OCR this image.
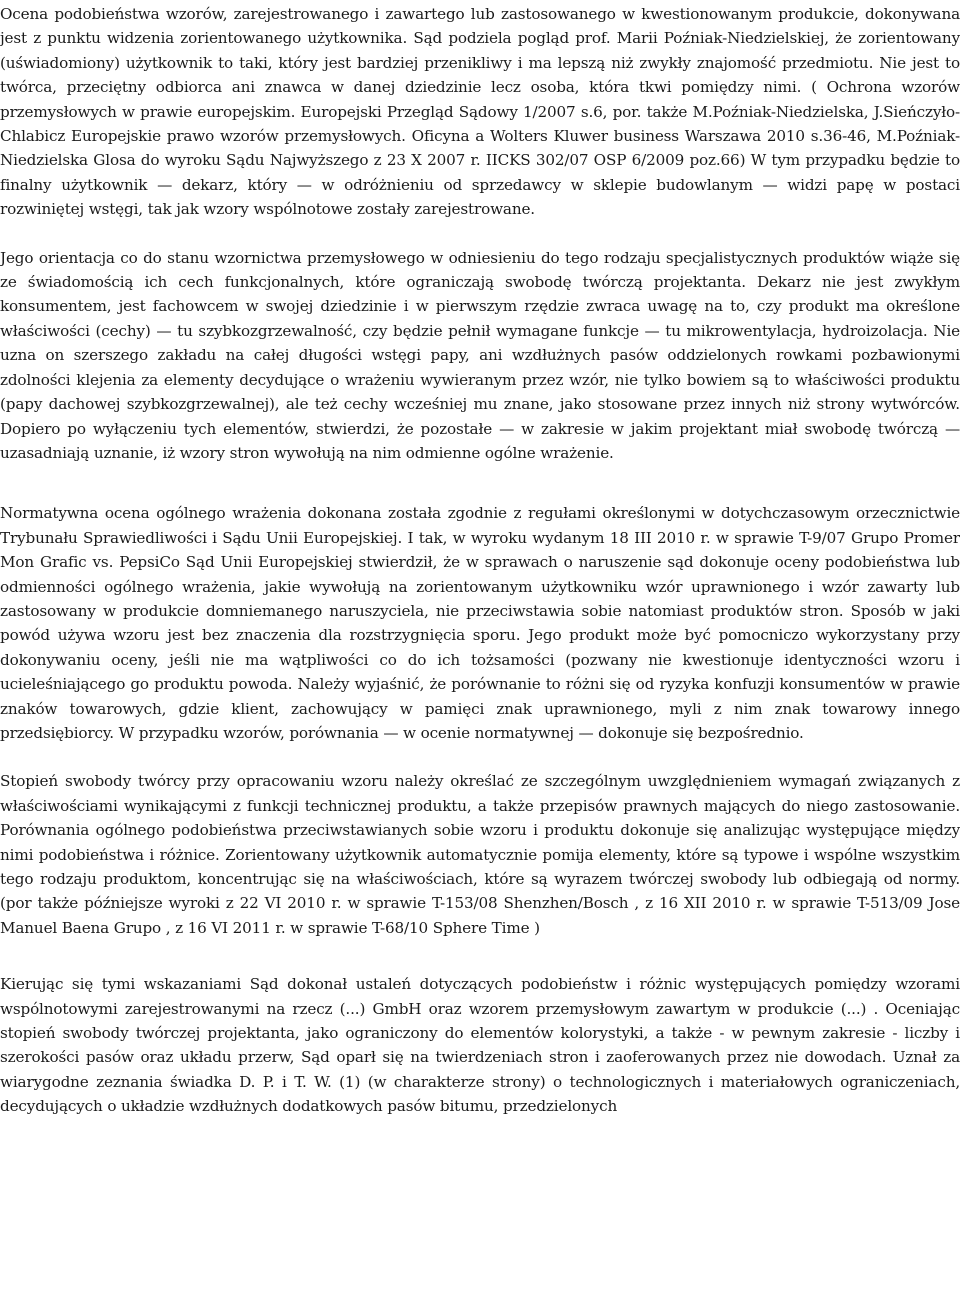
Ocena podobieństwa wzorów, zarejestrowanego i zawartego lub zastosowanego w kwestionowanym produkcie, dokonywana jest z punktu widzenia zorientowanego użytkownika. Sąd podziela pogląd prof. Marii Poźniak-Niedzielskiej, że zorientowany (uświadomiony) użytkownik to taki, który jest bardziej przenikliwy i ma lepszą niż zwykły znajomość przedmiotu. Nie jest to twórca, przeciętny odbiorca ani znawca w danej dziedzinie lecz osoba, która tkwi pomiędzy nimi. ( Ochrona wzorów przemysłowych w prawie europejskim. Europejski Przegląd Sądowy 1/2007 s.6, por. także M.Poźniak-Niedzielska, J.Sieńczyło-Chlabicz Europejskie prawo wzorów przemysłowych. Oficyna a Wolters Kluwer business Warszawa 2010 s.36-46, M.Poźniak-Niedzielska Glosa do wyroku Sądu Najwyższego z 23 X 2007 r. IICKS 302/07 OSP 6/2009 poz.66) W tym przypadku będzie to finalny użytkownik — dekarz, który — w odróżnieniu od sprzedawcy w sklepie budowlanym — widzi papę w postaci rozwiniętej wstęgi, tak jak wzory wspólnotowe zostały zarejestrowane.

Jego orientacja co do stanu wzornictwa przemysłowego w odniesieniu do tego rodzaju specjalistycznych produktów wiąże się ze świadomością ich cech funkcjonalnych, które ograniczają swobodę twórczą projektanta. Dekarz nie jest zwykłym konsumentem, jest fachowcem w swojej dziedzinie i w pierwszym rzędzie zwraca uwagę na to, czy produkt ma określone właściwości (cechy) — tu szybkozgrzewalność, czy będzie pełnił wymagane funkcje — tu mikrowentylacja, hydroizolacja. Nie uzna on szerszego zakładu na całej długości wstęgi papy, ani wzdłużnych pasów oddzielonych rowkami pozbawionymi zdolności klejenia za elementy decydujące o wrażeniu wywieranym przez wzór, nie tylko bowiem są to właściwości produktu (papy dachowej szybkozgrzewalnej), ale też cechy wcześniej mu znane, jako stosowane przez innych niż strony wytwórców. Dopiero po wyłączeniu tych elementów, stwierdzi, że pozostałe — w zakresie w jakim projektant miał swobodę twórczą — uzasadniają uznanie, iż wzory stron wywołują na nim odmienne ogólne wrażenie.

Normatywna ocena ogólnego wrażenia dokonana została zgodnie z regułami określonymi w dotychczasowym orzecznictwie Trybunału Sprawiedliwości i Sądu Unii Europejskiej. I tak, w wyroku wydanym 18 III 2010 r. w sprawie T-9/07 Grupo Promer Mon Grafic vs. PepsiCo Sąd Unii Europejskiej stwierdził, że w sprawach o naruszenie sąd dokonuje oceny podobieństwa lub odmienności ogólnego wrażenia, jakie wywołują na zorientowanym użytkowniku wzór uprawnionego i wzór zawarty lub zastosowany w produkcie domniemanego naruszyciela, nie przeciwstawia sobie natomiast produktów stron. Sposób w jaki powód używa wzoru jest bez znaczenia dla rozstrzygnięcia sporu. Jego produkt może być pomocniczo wykorzystany przy dokonywaniu oceny, jeśli nie ma wątpliwości co do ich tożsamości (pozwany nie kwestionuje identyczności wzoru i ucieleśniającego go produktu powoda. Należy wyjaśnić, że porównanie to różni się od ryzyka konfuzji konsumentów w prawie znaków towarowych, gdzie klient, zachowujący w pamięci znak uprawnionego, myli z nim znak towarowy innego przedsiębiorcy. W przypadku wzorów, porównania — w ocenie normatywnej — dokonuje się bezpośrednio.

Stopień swobody twórcy przy opracowaniu wzoru należy określać ze szczególnym uwzględnieniem wymagań związanych z właściwościami wynikającymi z funkcji technicznej produktu, a także przepisów prawnych mających do niego zastosowanie. Porównania ogólnego podobieństwa przeciwstawianych sobie wzoru i produktu dokonuje się analizując występujące między nimi podobieństwa i różnice. Zorientowany użytkownik automatycznie pomija elementy, które są typowe i wspólne wszystkim tego rodzaju produktom, koncentrując się na właściwościach, które są wyrazem twórczej swobody lub odbiegają od normy. (por także późniejsze wyroki z 22 VI 2010 r. w sprawie T-153/08 Shenzhen/Bosch , z 16 XII 2010 r. w sprawie T-513/09 Jose Manuel Baena Grupo , z 16 VI 2011 r. w sprawie T-68/10 Sphere Time )

Kierując się tymi wskazaniami Sąd dokonał ustaleń dotyczących podobieństw i różnic występujących pomiędzy wzorami wspólnotowymi zarejestrowanymi na rzecz (...) GmbH oraz wzorem przemysłowym zawartym w produkcie (...) . Oceniając stopień swobody twórczej projektanta, jako ograniczony do elementów kolorystyki, a także - w pewnym zakresie - liczby i szerokości pasów oraz układu przerw, Sąd oparł się na twierdzeniach stron i zaoferowanych przez nie dowodach. Uznał za wiarygodne zeznania świadka D. P. i T. W. (1) (w charakterze strony) o technologicznych i materiałowych ograniczeniach, decydujących o układzie wzdłużnych dodatkowych pasów bitumu, przedzielonych
